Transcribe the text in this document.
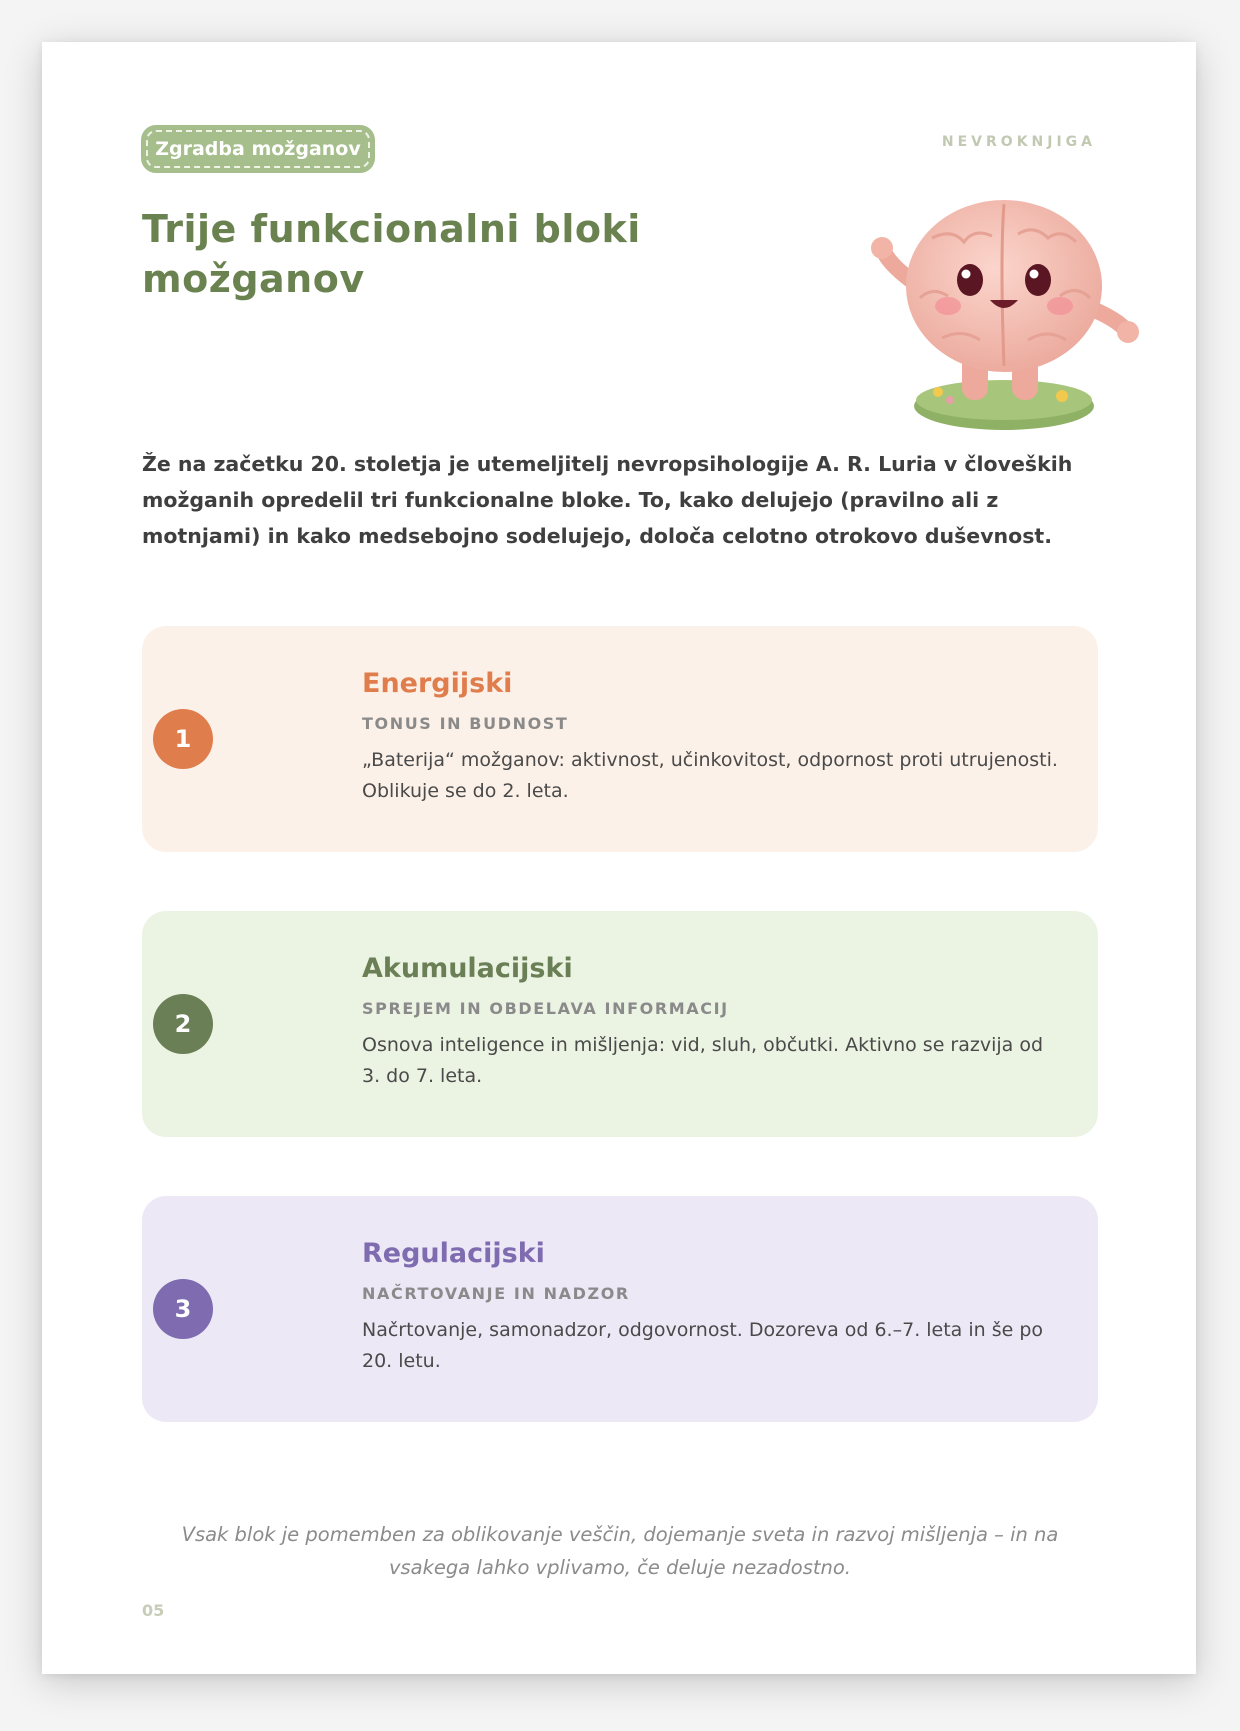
Zgradba možganov	NEVROKNJIGA
Trije funkcionalni bloki možganov

Že na začetku 20. stoletja je utemeljitelj nevropsihologije A. R. Luria v človeških možganih opredelil tri funkcionalne bloke. To, kako delujejo (pravilno ali z motnjami) in kako medsebojno sodelujejo, določa celotno otrokovo duševnost.

1
Energijski
TONUS IN BUDNOST
„Baterija“ možganov: aktivnost, učinkovitost, odpornost proti utrujenosti. Oblikuje se do 2. leta.
2
Akumulacijski
SPREJEM IN OBDELAVA INFORMACIJ
Osnova inteligence in mišljenja: vid, sluh, občutki. Aktivno se razvija od 3. do 7. leta.
3
Regulacijski
NAČRTOVANJE IN NADZOR
Načrtovanje, samonadzor, odgovornost. Dozoreva od 6.–7. leta in še po 20. letu.

Vsak blok je pomemben za oblikovanje veščin, dojemanje sveta in razvoj mišljenja – in na vsakega lahko vplivamo, če deluje nezadostno.

05
